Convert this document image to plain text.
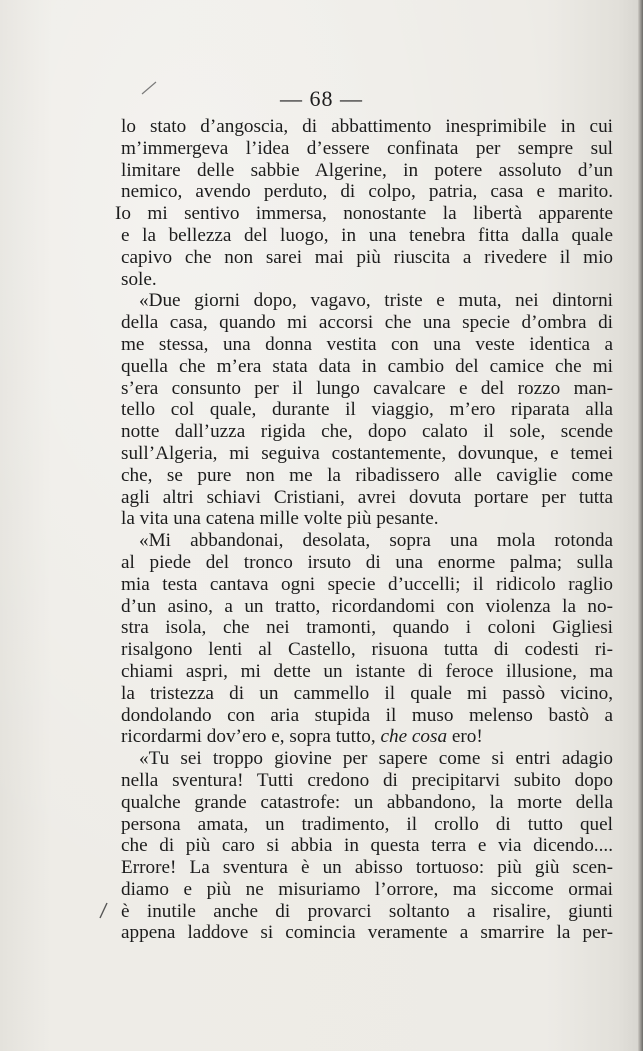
— 68 —
lo stato d’angoscia, di abbattimento inesprimibile in cui
m’immergeva l’idea d’essere confinata per sempre sul
limitare delle sabbie Algerine, in potere assoluto d’un
nemico, avendo perduto, di colpo, patria, casa e marito.
Io mi sentivo immersa, nonostante la libertà apparente
e la bellezza del luogo, in una tenebra fitta dalla quale
capivo che non sarei mai più riuscita a rivedere il mio
sole.
«Due giorni dopo, vagavo, triste e muta, nei dintorni
della casa, quando mi accorsi che una specie d’ombra di
me stessa, una donna vestita con una veste identica a
quella che m’era stata data in cambio del camice che mi
s’era consunto per il lungo cavalcare e del rozzo man-
tello col quale, durante il viaggio, m’ero riparata alla
notte dall’uzza rigida che, dopo calato il sole, scende
sull’Algeria, mi seguiva costantemente, dovunque, e temei
che, se pure non me la ribadissero alle caviglie come
agli altri schiavi Cristiani, avrei dovuta portare per tutta
la vita una catena mille volte più pesante.
«Mi abbandonai, desolata, sopra una mola rotonda
al piede del tronco irsuto di una enorme palma; sulla
mia testa cantava ogni specie d’uccelli; il ridicolo raglio
d’un asino, a un tratto, ricordandomi con violenza la no-
stra isola, che nei tramonti, quando i coloni Gigliesi
risalgono lenti al Castello, risuona tutta di codesti ri-
chiami aspri, mi dette un istante di feroce illusione, ma
la tristezza di un cammello il quale mi passò vicino,
dondolando con aria stupida il muso melenso bastò a
ricordarmi dov’ero e, sopra tutto, che cosa ero!
«Tu sei troppo giovine per sapere come si entri adagio
nella sventura! Tutti credono di precipitarvi subito dopo
qualche grande catastrofe: un abbandono, la morte della
persona amata, un tradimento, il crollo di tutto quel
che di più caro si abbia in questa terra e via dicendo....
Errore! La sventura è un abisso tortuoso: più giù scen-
diamo e più ne misuriamo l’orrore, ma siccome ormai
è inutile anche di provarci soltanto a risalire, giunti
appena laddove si comincia veramente a smarrire la per-
